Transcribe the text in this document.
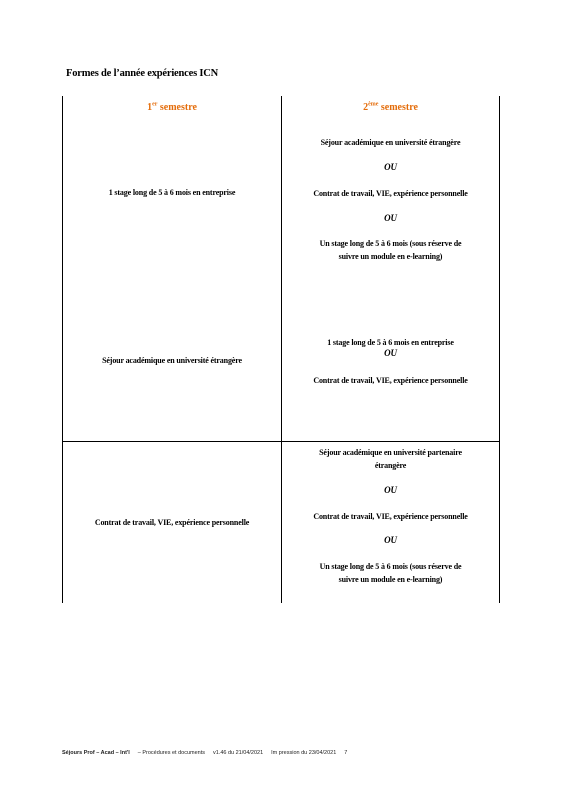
Formes de l’année expériences ICN
1er semestre	2ème semestre
1 stage long de 5 à 6 mois en entreprise
Séjour académique en université étrangère
OU
Contrat de travail, VIE, expérience personnelle
OU
Un stage long de 5 à 6 mois (sous réserve de
suivre un module en e-learning)
Séjour académique en université étrangère
1 stage long de 5 à 6 mois en entreprise
OU
Contrat de travail, VIE, expérience personnelle
Contrat de travail, VIE, expérience personnelle
Séjour académique en université partenaire
étrangère
OU
Contrat de travail, VIE, expérience personnelle
OU
Un stage long de 5 à 6 mois (sous réserve de
suivre un module en e-learning)
Séjours Prof – Acad – Int'l – Procédures et documents v1.46 du 21/04/2021 Im pression du 23/04/2021 7
